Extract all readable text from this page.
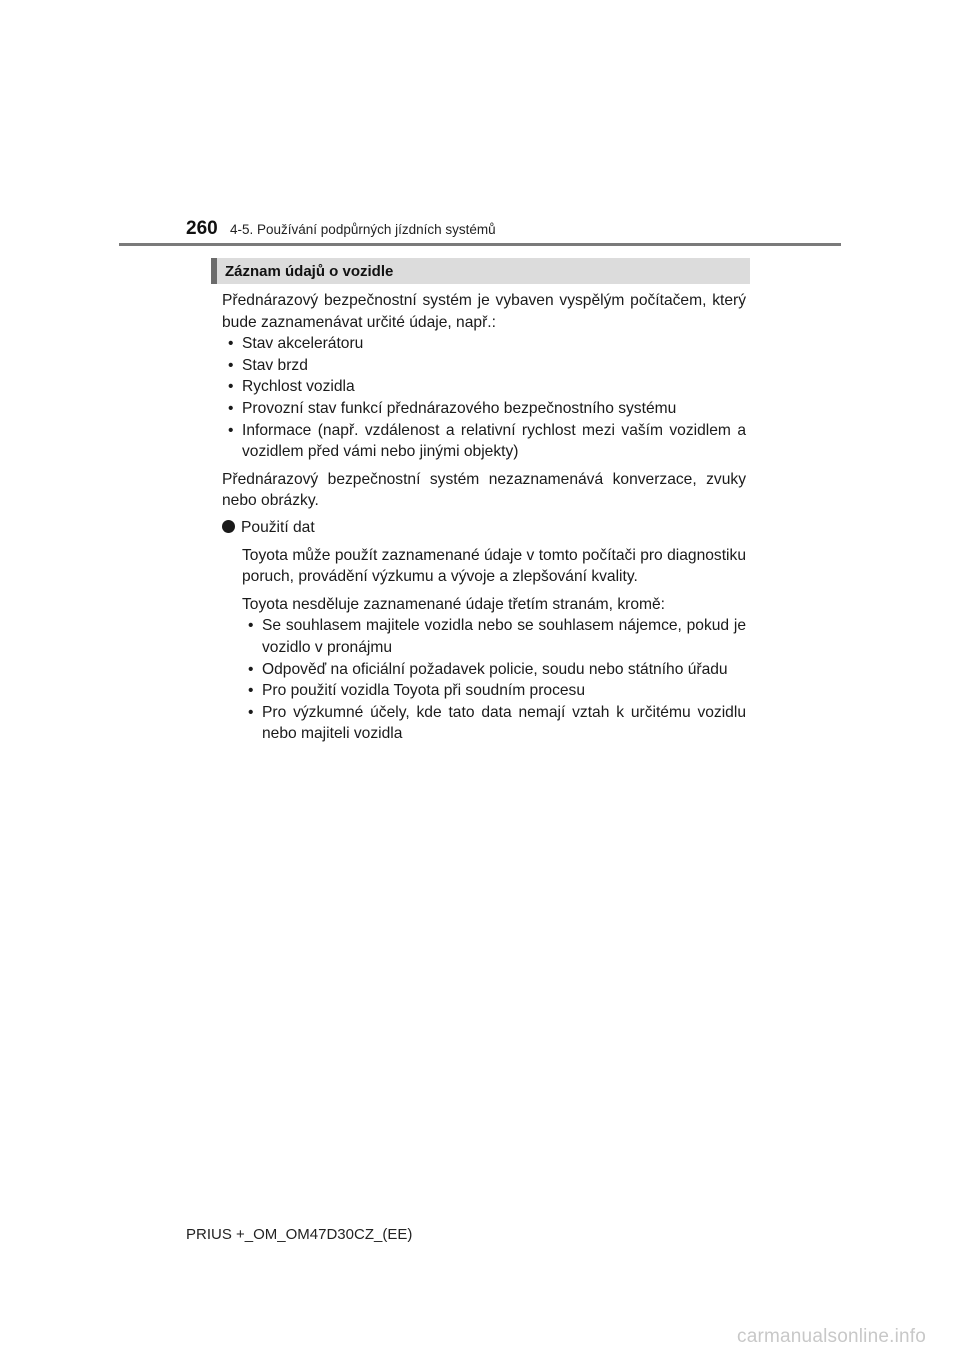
260 4-5. Používání podpůrných jízdních systémů
Záznam údajů o vozidle

Přednárazový bezpečnostní systém je vybaven vyspělým počítačem, který bude zaznamenávat určité údaje, např.:

• Stav akcelerátoru
• Stav brzd
• Rychlost vozidla
• Provozní stav funkcí přednárazového bezpečnostního systému
• Informace (např. vzdálenost a relativní rychlost mezi vaším vozidlem a vozidlem před vámi nebo jinými objekty)

Přednárazový bezpečnostní systém nezaznamenává konverzace, zvuky nebo obrázky.

Použití dat

Toyota může použít zaznamenané údaje v tomto počítači pro diagnostiku poruch, provádění výzkumu a vývoje a zlepšování kvality.

Toyota nesděluje zaznamenané údaje třetím stranám, kromě:

• Se souhlasem majitele vozidla nebo se souhlasem nájemce, pokud je vozidlo v pronájmu
• Odpověď na oficiální požadavek policie, soudu nebo státního úřadu
• Pro použití vozidla Toyota při soudním procesu
• Pro výzkumné účely, kde tato data nemají vztah k určitému vozidlu nebo majiteli vozidla
PRIUS +_OM_OM47D30CZ_(EE)
carmanualsonline.info
